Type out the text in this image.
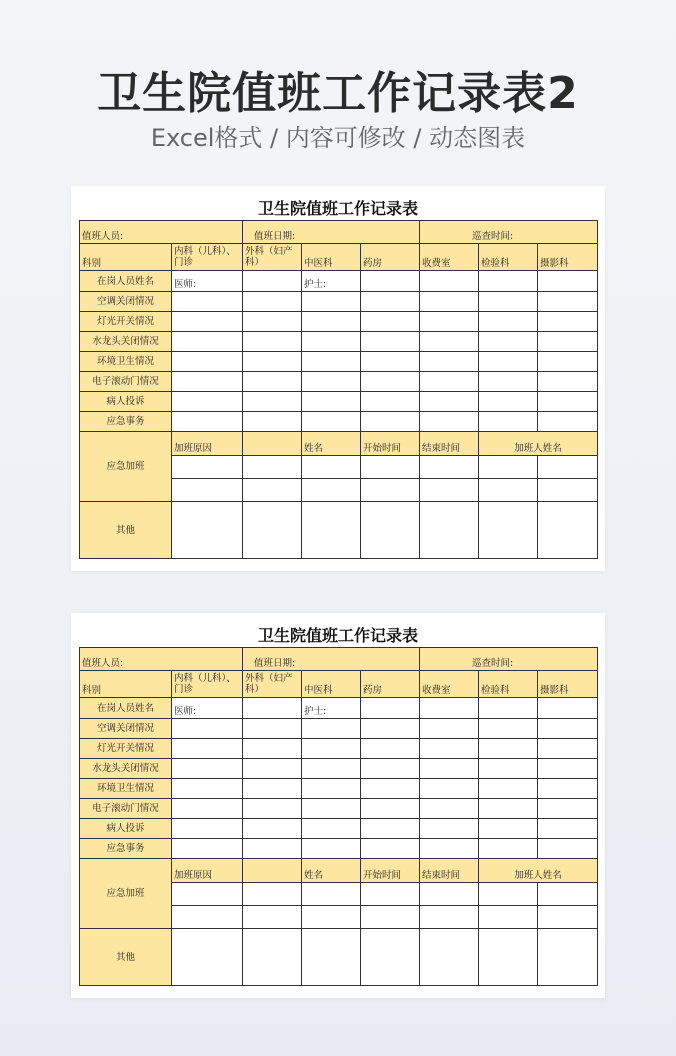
卫生院值班工作记录表2
Excel格式 / 内容可修改 / 动态图表
卫生院值班工作记录表
值班人员:		值班日期:			巡查时间:		
科别	内科（儿科）、门诊	外科（妇产科）	中医科	药房	收费室	检验科	摄影科
在岗人员姓名	医师:		护士:				
空调关闭情况							
灯光开关情况							
水龙头关闭情况							
环境卫生情况							
电子滚动门情况							
病人投诉							
应急事务							
应急加班	加班原因		姓名	开始时间	结束时间	加班人姓名	

其他							
卫生院值班工作记录表
值班人员:		值班日期:			巡查时间:		
科别	内科（儿科）、门诊	外科（妇产科）	中医科	药房	收费室	检验科	摄影科
在岗人员姓名	医师:		护士:				
空调关闭情况							
灯光开关情况							
水龙头关闭情况							
环境卫生情况							
电子滚动门情况							
病人投诉							
应急事务							
应急加班	加班原因		姓名	开始时间	结束时间	加班人姓名	

其他							
